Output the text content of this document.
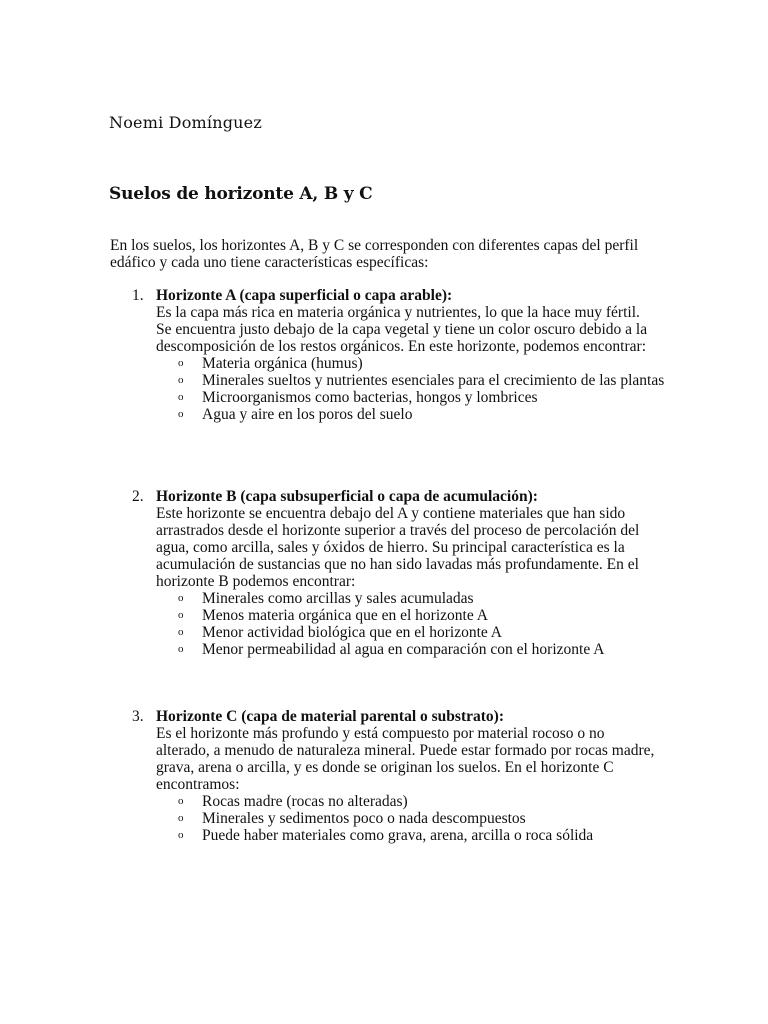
Noemi Domínguez
Suelos de horizonte A, B y C
En los suelos, los horizontes A, B y C se corresponden con diferentes capas del perfil edáfico y cada uno tiene características específicas:
1. Horizonte A (capa superficial o capa arable):
Es la capa más rica en materia orgánica y nutrientes, lo que la hace muy fértil.
Se encuentra justo debajo de la capa vegetal y tiene un color oscuro debido a la
descomposición de los restos orgánicos. En este horizonte, podemos encontrar:
o Materia orgánica (humus)
o Minerales sueltos y nutrientes esenciales para el crecimiento de las plantas
o Microorganismos como bacterias, hongos y lombrices
o Agua y aire en los poros del suelo
2. Horizonte B (capa subsuperficial o capa de acumulación):
Este horizonte se encuentra debajo del A y contiene materiales que han sido
arrastrados desde el horizonte superior a través del proceso de percolación del
agua, como arcilla, sales y óxidos de hierro. Su principal característica es la
acumulación de sustancias que no han sido lavadas más profundamente. En el
horizonte B podemos encontrar:
o Minerales como arcillas y sales acumuladas
o Menos materia orgánica que en el horizonte A
o Menor actividad biológica que en el horizonte A
o Menor permeabilidad al agua en comparación con el horizonte A
3. Horizonte C (capa de material parental o substrato):
Es el horizonte más profundo y está compuesto por material rocoso o no
alterado, a menudo de naturaleza mineral. Puede estar formado por rocas madre,
grava, arena o arcilla, y es donde se originan los suelos. En el horizonte C
encontramos:
o Rocas madre (rocas no alteradas)
o Minerales y sedimentos poco o nada descompuestos
o Puede haber materiales como grava, arena, arcilla o roca sólida
